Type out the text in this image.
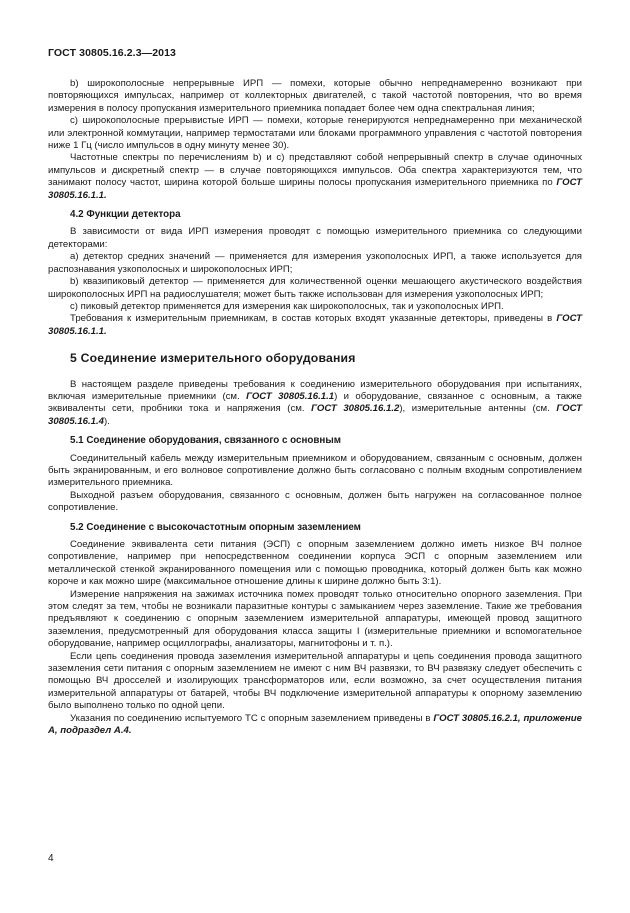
ГОСТ 30805.16.2.3—2013

b) широкополосные непрерывные ИРП — помехи, которые обычно непреднамеренно возникают при повторяющихся импульсах, например от коллекторных двигателей, с такой частотой повторения, что во время измерения в полосу пропускания измерительного приемника попадает более чем одна спектральная линия;

c) широкополосные прерывистые ИРП — помехи, которые генерируются непреднамеренно при механической или электронной коммутации, например термостатами или блоками программного управления с частотой повторения ниже 1 Гц (число импульсов в одну минуту менее 30).

Частотные спектры по перечислениям b) и c) представляют собой непрерывный спектр в случае одиночных импульсов и дискретный спектр — в случае повторяющихся импульсов. Оба спектра характеризуются тем, что занимают полосу частот, ширина которой больше ширины полосы пропускания измерительного приемника по ГОСТ 30805.16.1.1.

4.2 Функции детектора

В зависимости от вида ИРП измерения проводят с помощью измерительного приемника со следующими детекторами:

a) детектор средних значений — применяется для измерения узкополосных ИРП, а также используется для распознавания узкополосных и широкополосных ИРП;

b) квазипиковый детектор — применяется для количественной оценки мешающего акустического воздействия широкополосных ИРП на радиослушателя; может быть также использован для измерения узкополосных ИРП;

c) пиковый детектор применяется для измерения как широкополосных, так и узкополосных ИРП.

Требования к измерительным приемникам, в состав которых входят указанные детекторы, приведены в ГОСТ 30805.16.1.1.

5 Соединение измерительного оборудования

В настоящем разделе приведены требования к соединению измерительного оборудования при испытаниях, включая измерительные приемники (см. ГОСТ 30805.16.1.1) и оборудование, связанное с основным, а также эквиваленты сети, пробники тока и напряжения (см. ГОСТ 30805.16.1.2), измерительные антенны (см. ГОСТ 30805.16.1.4).

5.1 Соединение оборудования, связанного с основным

Соединительный кабель между измерительным приемником и оборудованием, связанным с основным, должен быть экранированным, и его волновое сопротивление должно быть согласовано с полным входным сопротивлением измерительного приемника.

Выходной разъем оборудования, связанного с основным, должен быть нагружен на согласованное полное сопротивление.

5.2 Соединение с высокочастотным опорным заземлением

Соединение эквивалента сети питания (ЭСП) с опорным заземлением должно иметь низкое ВЧ полное сопротивление, например при непосредственном соединении корпуса ЭСП с опорным заземлением или металлической стенкой экранированного помещения или с помощью проводника, который должен быть как можно короче и как можно шире (максимальное отношение длины к ширине должно быть 3:1).

Измерение напряжения на зажимах источника помех проводят только относительно опорного заземления. При этом следят за тем, чтобы не возникали паразитные контуры с замыканием через заземление. Такие же требования предъявляют к соединению с опорным заземлением измерительной аппаратуры, имеющей провод защитного заземления, предусмотренный для оборудования класса защиты I (измерительные приемники и вспомогательное оборудование, например осциллографы, анализаторы, магнитофоны и т. п.).

Если цепь соединения провода заземления измерительной аппаратуры и цепь соединения провода защитного заземления сети питания с опорным заземлением не имеют с ним ВЧ развязки, то ВЧ развязку следует обеспечить с помощью ВЧ дросселей и изолирующих трансформаторов или, если возможно, за счет осуществления питания измерительной аппаратуры от батарей, чтобы ВЧ подключение измерительной аппаратуры к опорному заземлению было выполнено только по одной цепи.

Указания по соединению испытуемого ТС с опорным заземлением приведены в ГОСТ 30805.16.2.1, приложение А, подраздел А.4.

4
